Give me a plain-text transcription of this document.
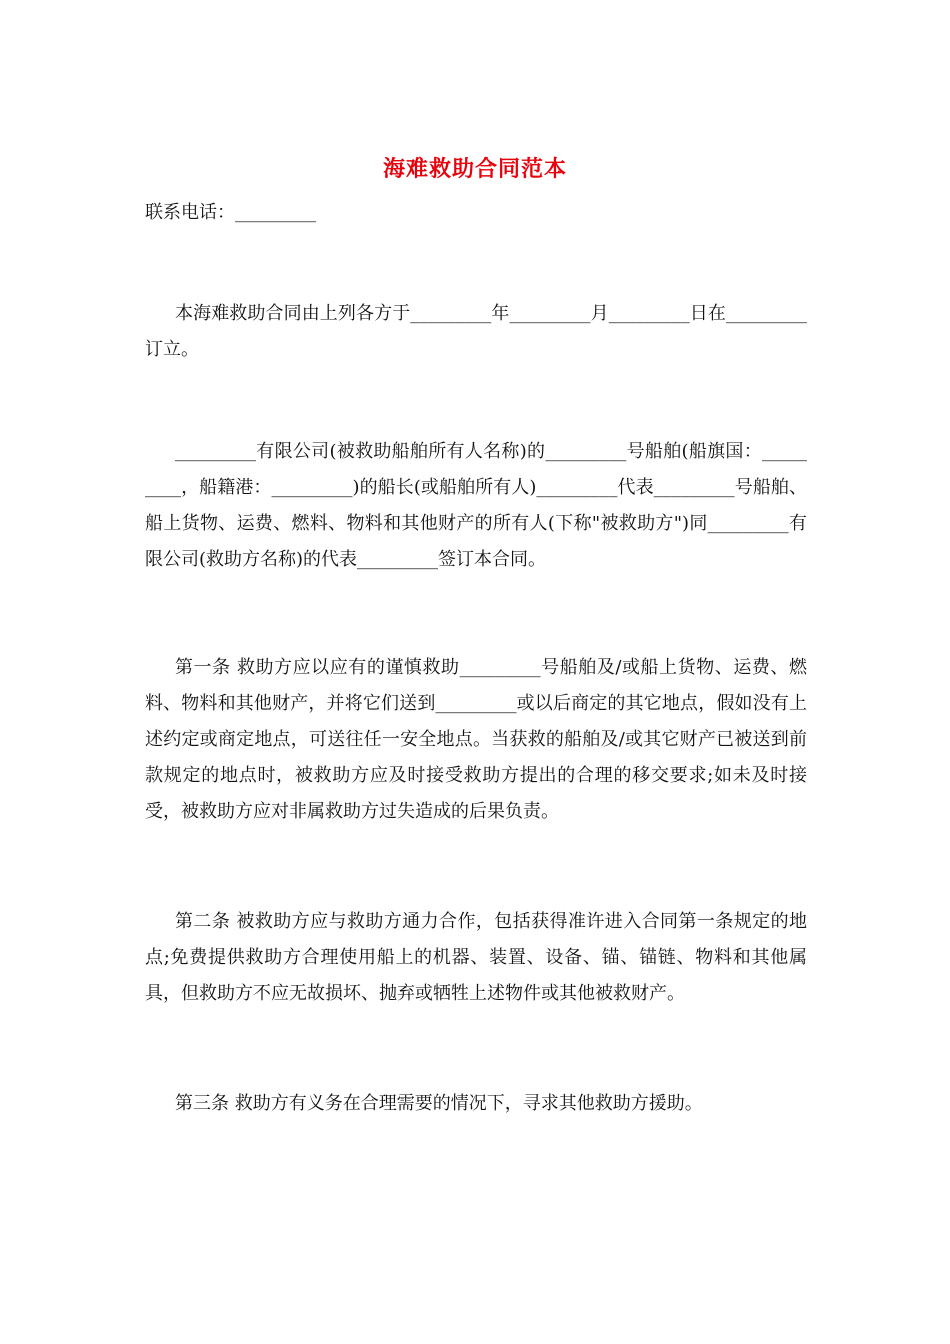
海难救助合同范本

联系电话：_________

本海难救助合同由上列各方于_________年_________月_________日在_________订立。

_________有限公司(被救助船舶所有人名称)的_________号船舶(船旗国：_________，船籍港：_________)的船长(或船舶所有人)_________代表_________号船舶、船上货物、运费、燃料、物料和其他财产的所有人(下称"被救助方")同_________有限公司(救助方名称)的代表_________签订本合同。

第一条 救助方应以应有的谨慎救助_________号船舶及/或船上货物、运费、燃料、物料和其他财产，并将它们送到_________或以后商定的其它地点，假如没有上述约定或商定地点，可送往任一安全地点。当获救的船舶及/或其它财产已被送到前款规定的地点时，被救助方应及时接受救助方提出的合理的移交要求;如未及时接受，被救助方应对非属救助方过失造成的后果负责。

第二条 被救助方应与救助方通力合作，包括获得准许进入合同第一条规定的地点;免费提供救助方合理使用船上的机器、装置、设备、锚、锚链、物料和其他属具，但救助方不应无故损坏、抛弃或牺牲上述物件或其他被救财产。

第三条 救助方有义务在合理需要的情况下，寻求其他救助方援助。
